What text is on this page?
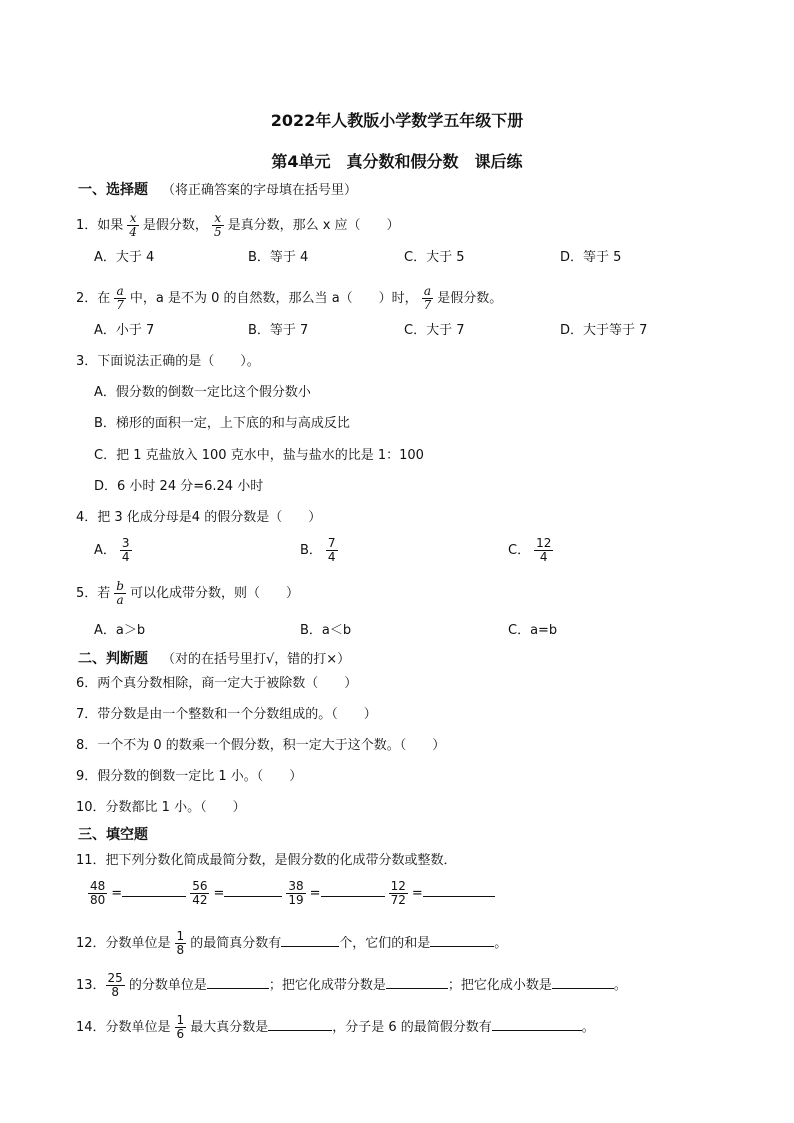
2022年人教版小学数学五年级下册
第4单元　真分数和假分数　课后练
一、选择题 （将正确答案的字母填在括号里）
1．如果 $\frac{x}{4}$ 是假分数， $\frac{x}{5}$ 是真分数，那么 x 应（　　）
A．大于 4	B．等于 4	C．大于 5	D．等于 5
2．在 $\frac{a}{7}$ 中，a 是不为 0 的自然数，那么当 a（　　）时， $\frac{a}{7}$ 是假分数。
A．小于 7	B．等于 7	C．大于 7	D．大于等于 7
3．下面说法正确的是（　　）。
A．假分数的倒数一定比这个假分数小
B．梯形的面积一定，上下底的和与高成反比
C．把 1 克盐放入 100 克水中，盐与盐水的比是 1：100
D．6 小时 24 分=6.24 小时
4．把 3 化成分母是4 的假分数是（　　）
A． $\frac{3}{4}$	B． $\frac{7}{4}$	C． $\frac{12}{4}$
5．若 $\frac{b}{a}$ 可以化成带分数，则（　　）
A．a＞b	B．a＜b	C．a=b
二、判断题 （对的在括号里打√，错的打×）
6．两个真分数相除，商一定大于被除数（　　）
7．带分数是由一个整数和一个分数组成的。（　　）
8．一个不为 0 的数乘一个假分数，积一定大于这个数。（　　）
9．假分数的倒数一定比 1 小。（　　）
10．分数都比 1 小。（　　）
三、填空题
11．把下列分数化简成最简分数，是假分数的化成带分数或整数．
$\frac{48}{80}$ =	$\frac{56}{42}$ =	$\frac{38}{19}$ =	$\frac{12}{72}$ =
12．分数单位是 $\frac{1}{8}$ 的最简真分数有	个，它们的和是	。
13． $\frac{25}{8}$ 的分数单位是	；把它化成带分数是	；把它化成小数是	。
14．分数单位是 $\frac{1}{6}$ 最大真分数是	，分子是 6 的最简假分数有	。
